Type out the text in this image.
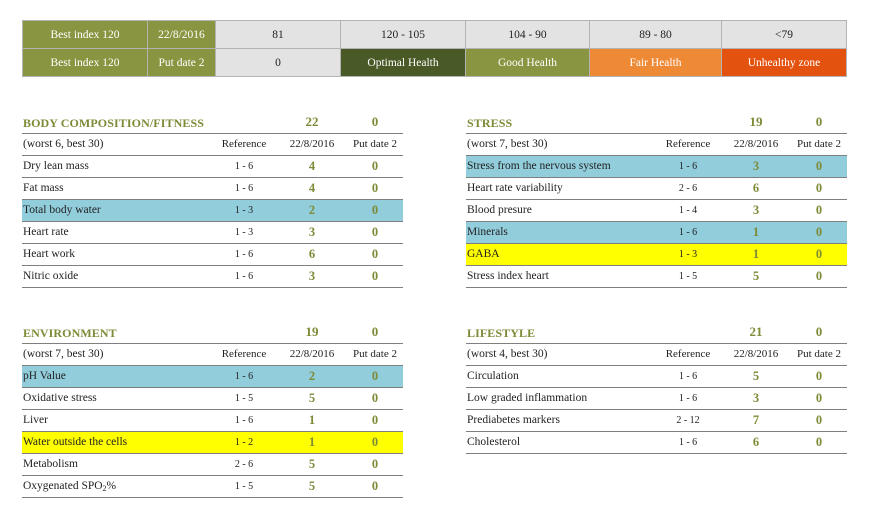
Best index 120	22/8/2016	81	120 - 105	104 - 90	89 - 80	<79
Best index 120	Put date 2	0	Optimal Health	Good Health	Fair Health	Unhealthy zone
BODY COMPOSITION/FITNESS	22	0
(worst 6, best 30)	Reference	22/8/2016	Put date 2
Dry lean mass	1 - 6	4	0
Fat mass	1 - 6	4	0
Total body water	1 - 3	2	0
Heart rate	1 - 3	3	0
Heart work	1 - 6	6	0
Nitric oxide	1 - 6	3	0
STRESS	19	0
(worst 7, best 30)	Reference	22/8/2016	Put date 2
Stress from the nervous system	1 - 6	3	0
Heart rate variability	2 - 6	6	0
Blood presure	1 - 4	3	0
Minerals	1 - 6	1	0
GABA	1 - 3	1	0
Stress index heart	1 - 5	5	0
ENVIRONMENT	19	0
(worst 7, best 30)	Reference	22/8/2016	Put date 2
pH Value	1 - 6	2	0
Oxidative stress	1 - 5	5	0
Liver	1 - 6	1	0
Water outside the cells	1 - 2	1	0
Metabolism	2 - 6	5	0
Oxygenated SPO2%	1 - 5	5	0
LIFESTYLE	21	0
(worst 4, best 30)	Reference	22/8/2016	Put date 2
Circulation	1 - 6	5	0
Low graded inflammation	1 - 6	3	0
Prediabetes markers	2 - 12	7	0
Cholesterol	1 - 6	6	0
